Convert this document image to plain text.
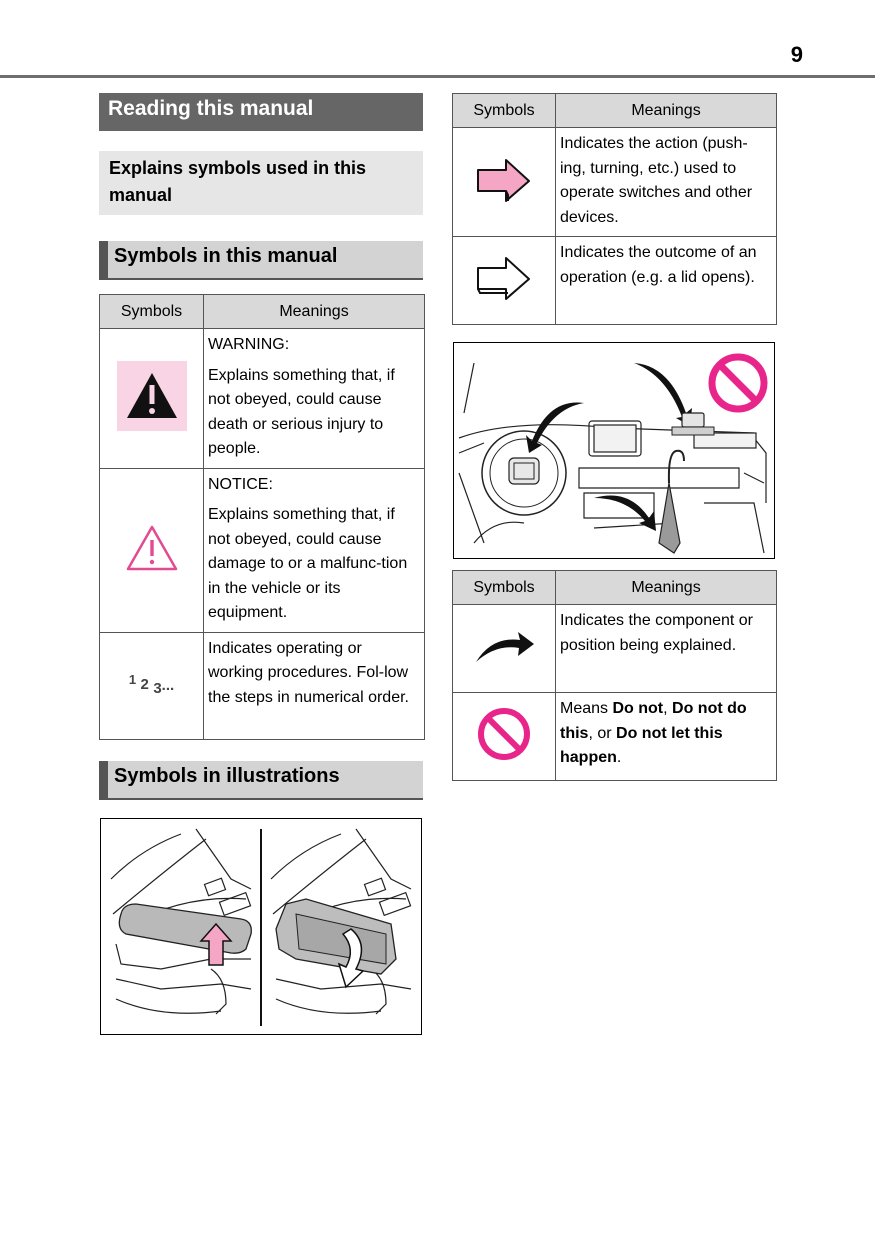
9
Reading this manual
Explains symbols used in this manual
Symbols in this manual
Symbols	Meanings

WARNING:

Explains something that, if not obeyed, could cause death or serious injury to people.

NOTICE:

Explains something that, if not obeyed, could cause damage to or a malfunc-tion in the vehicle or its equipment.

$^1$ 2 3...	Indicates operating or working procedures. Fol-low the steps in numerical order.

Symbols in illustrations
Symbols	Meanings

Indicates the action (push-ing, turning, etc.) used to operate switches and other devices.

Indicates the outcome of an operation (e.g. a lid opens).

Symbols	Meanings

Indicates the component or position being explained.

Means Do not, Do not do this, or Do not let this happen.
